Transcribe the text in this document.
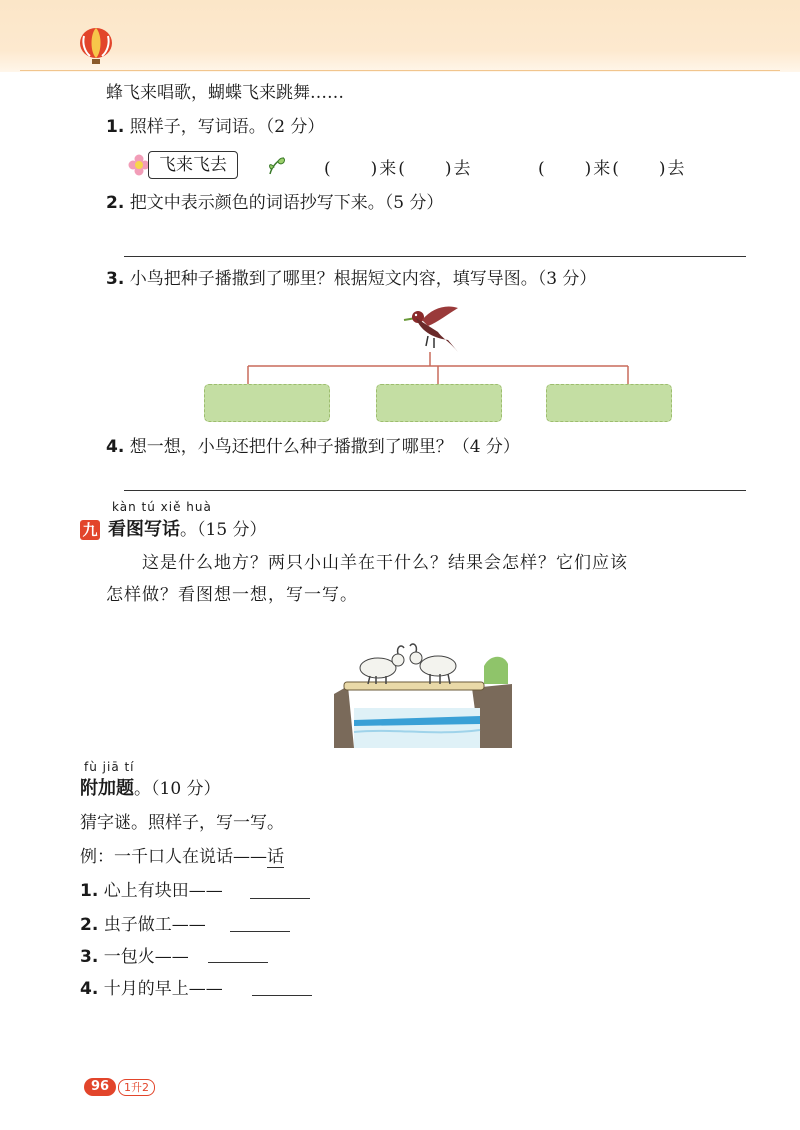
蜂飞来唱歌，蝴蝶飞来跳舞……
1. 照样子，写词语。（2 分）
飞来飞去	(　　)来(　　)去	(　　)来(　　)去
2. 把文中表示颜色的词语抄写下来。（5 分）
3. 小鸟把种子播撒到了哪里？根据短文内容，填写导图。（3 分）
4. 想一想，小鸟还把什么种子播撒到了哪里？（4 分）
kàn tú xiě huà
九 看图写话。（15 分）
这是什么地方？两只小山羊在干什么？结果会怎样？它们应该
怎样做？看图想一想，写一写。
fù jiā tí
附加题。（10 分）
猜字谜。照样子，写一写。
例：一千口人在说话——话
1. 心上有块田——
2. 虫子做工——
3. 一包火——
4. 十月的早上——
96	1升2
